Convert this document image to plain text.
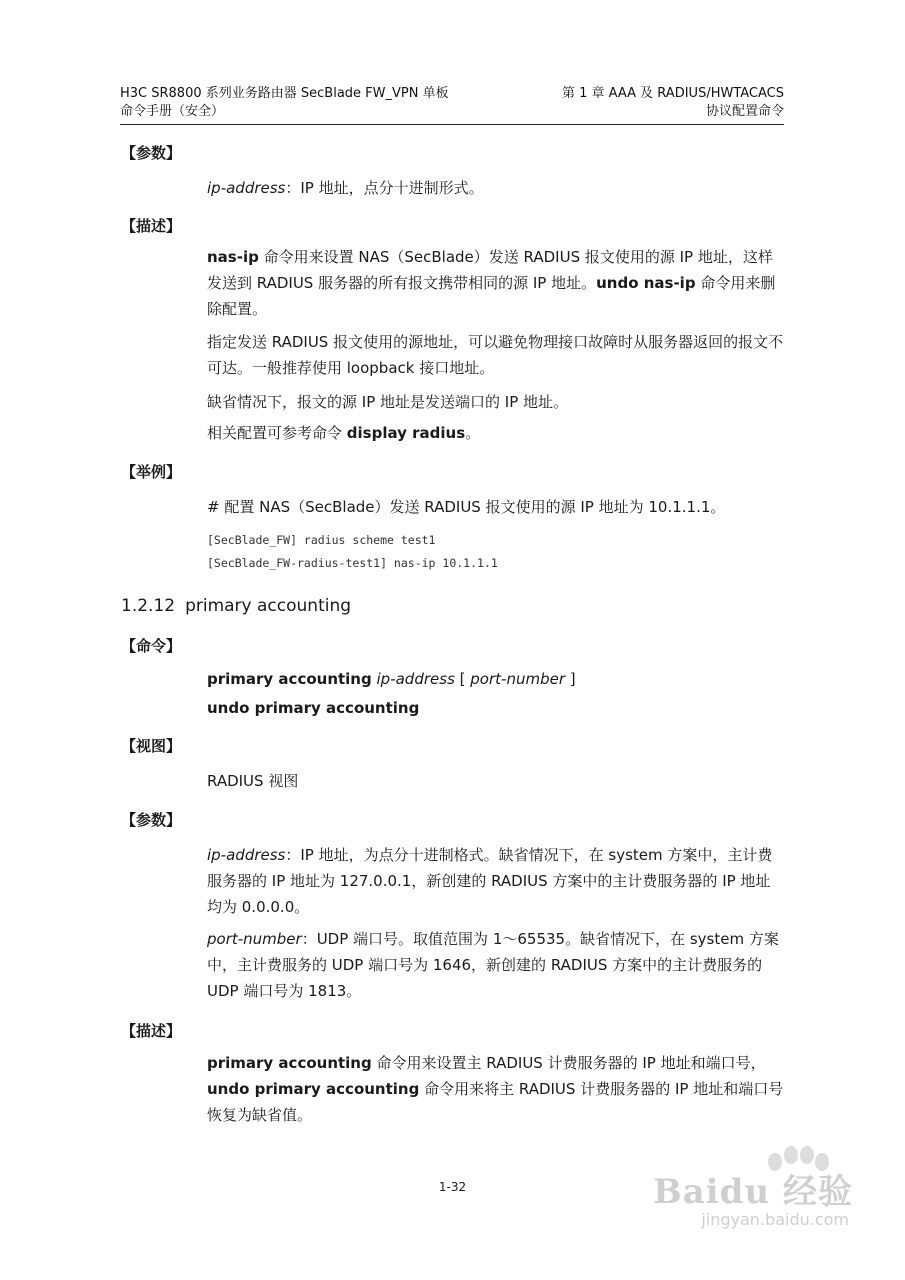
H3C SR8800 系列业务路由器 SecBlade FW_VPN 单板
命令手册（安全）
第 1 章 AAA 及 RADIUS/HWTACACS
协议配置命令
【参数】
ip-address：IP 地址，点分十进制形式。
【描述】
nas-ip 命令用来设置 NAS（SecBlade）发送 RADIUS 报文使用的源 IP 地址，这样发送到 RADIUS 服务器的所有报文携带相同的源 IP 地址。undo nas-ip 命令用来删除配置。
指定发送 RADIUS 报文使用的源地址，可以避免物理接口故障时从服务器返回的报文不可达。一般推荐使用 loopback 接口地址。
缺省情况下，报文的源 IP 地址是发送端口的 IP 地址。
相关配置可参考命令 display radius。
【举例】
# 配置 NAS（SecBlade）发送 RADIUS 报文使用的源 IP 地址为 10.1.1.1。
[SecBlade_FW] radius scheme test1
[SecBlade_FW-radius-test1] nas-ip 10.1.1.1
1.2.12 primary accounting
【命令】
primary accounting ip-address [ port-number ]
undo primary accounting
【视图】
RADIUS 视图
【参数】
ip-address：IP 地址，为点分十进制格式。缺省情况下，在 system 方案中，主计费服务器的 IP 地址为 127.0.0.1，新创建的 RADIUS 方案中的主计费服务器的 IP 地址均为 0.0.0.0。
port-number：UDP 端口号。取值范围为 1～65535。缺省情况下，在 system 方案中，主计费服务的 UDP 端口号为 1646，新创建的 RADIUS 方案中的主计费服务的 UDP 端口号为 1813。
【描述】
primary accounting 命令用来设置主 RADIUS 计费服务器的 IP 地址和端口号，undo primary accounting 命令用来将主 RADIUS 计费服务器的 IP 地址和端口号恢复为缺省值。
1-32	Baidu 经验
jingyan.baidu.com
